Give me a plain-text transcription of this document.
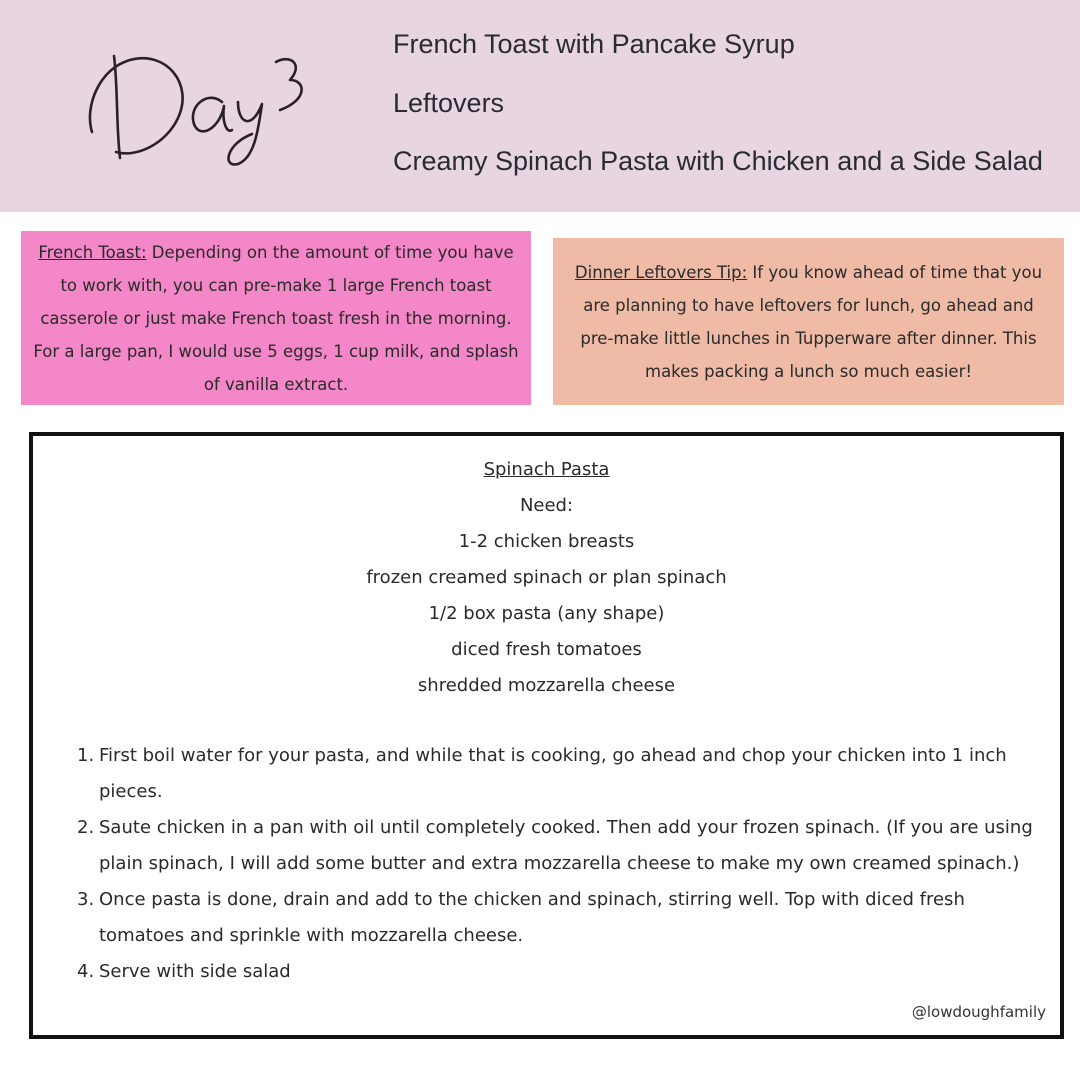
French Toast with Pancake Syrup
Leftovers
Creamy Spinach Pasta with Chicken and a Side Salad
French Toast: Depending on the amount of time you have to work with, you can pre-make 1 large French toast casserole or just make French toast fresh in the morning. For a large pan, I would use 5 eggs, 1 cup milk, and splash of vanilla extract.
Dinner Leftovers Tip: If you know ahead of time that you are planning to have leftovers for lunch, go ahead and pre-make little lunches in Tupperware after dinner. This makes packing a lunch so much easier!
Spinach Pasta
Need:
1-2 chicken breasts
frozen creamed spinach or plan spinach
1/2 box pasta (any shape)
diced fresh tomatoes
shredded mozzarella cheese
1. First boil water for your pasta, and while that is cooking, go ahead and chop your chicken into 1 inch pieces.
2. Saute chicken in a pan with oil until completely cooked. Then add your frozen spinach. (If you are using plain spinach, I will add some butter and extra mozzarella cheese to make my own creamed spinach.)
3. Once pasta is done, drain and add to the chicken and spinach, stirring well. Top with diced fresh tomatoes and sprinkle with mozzarella cheese.
4. Serve with side salad
@lowdoughfamily
